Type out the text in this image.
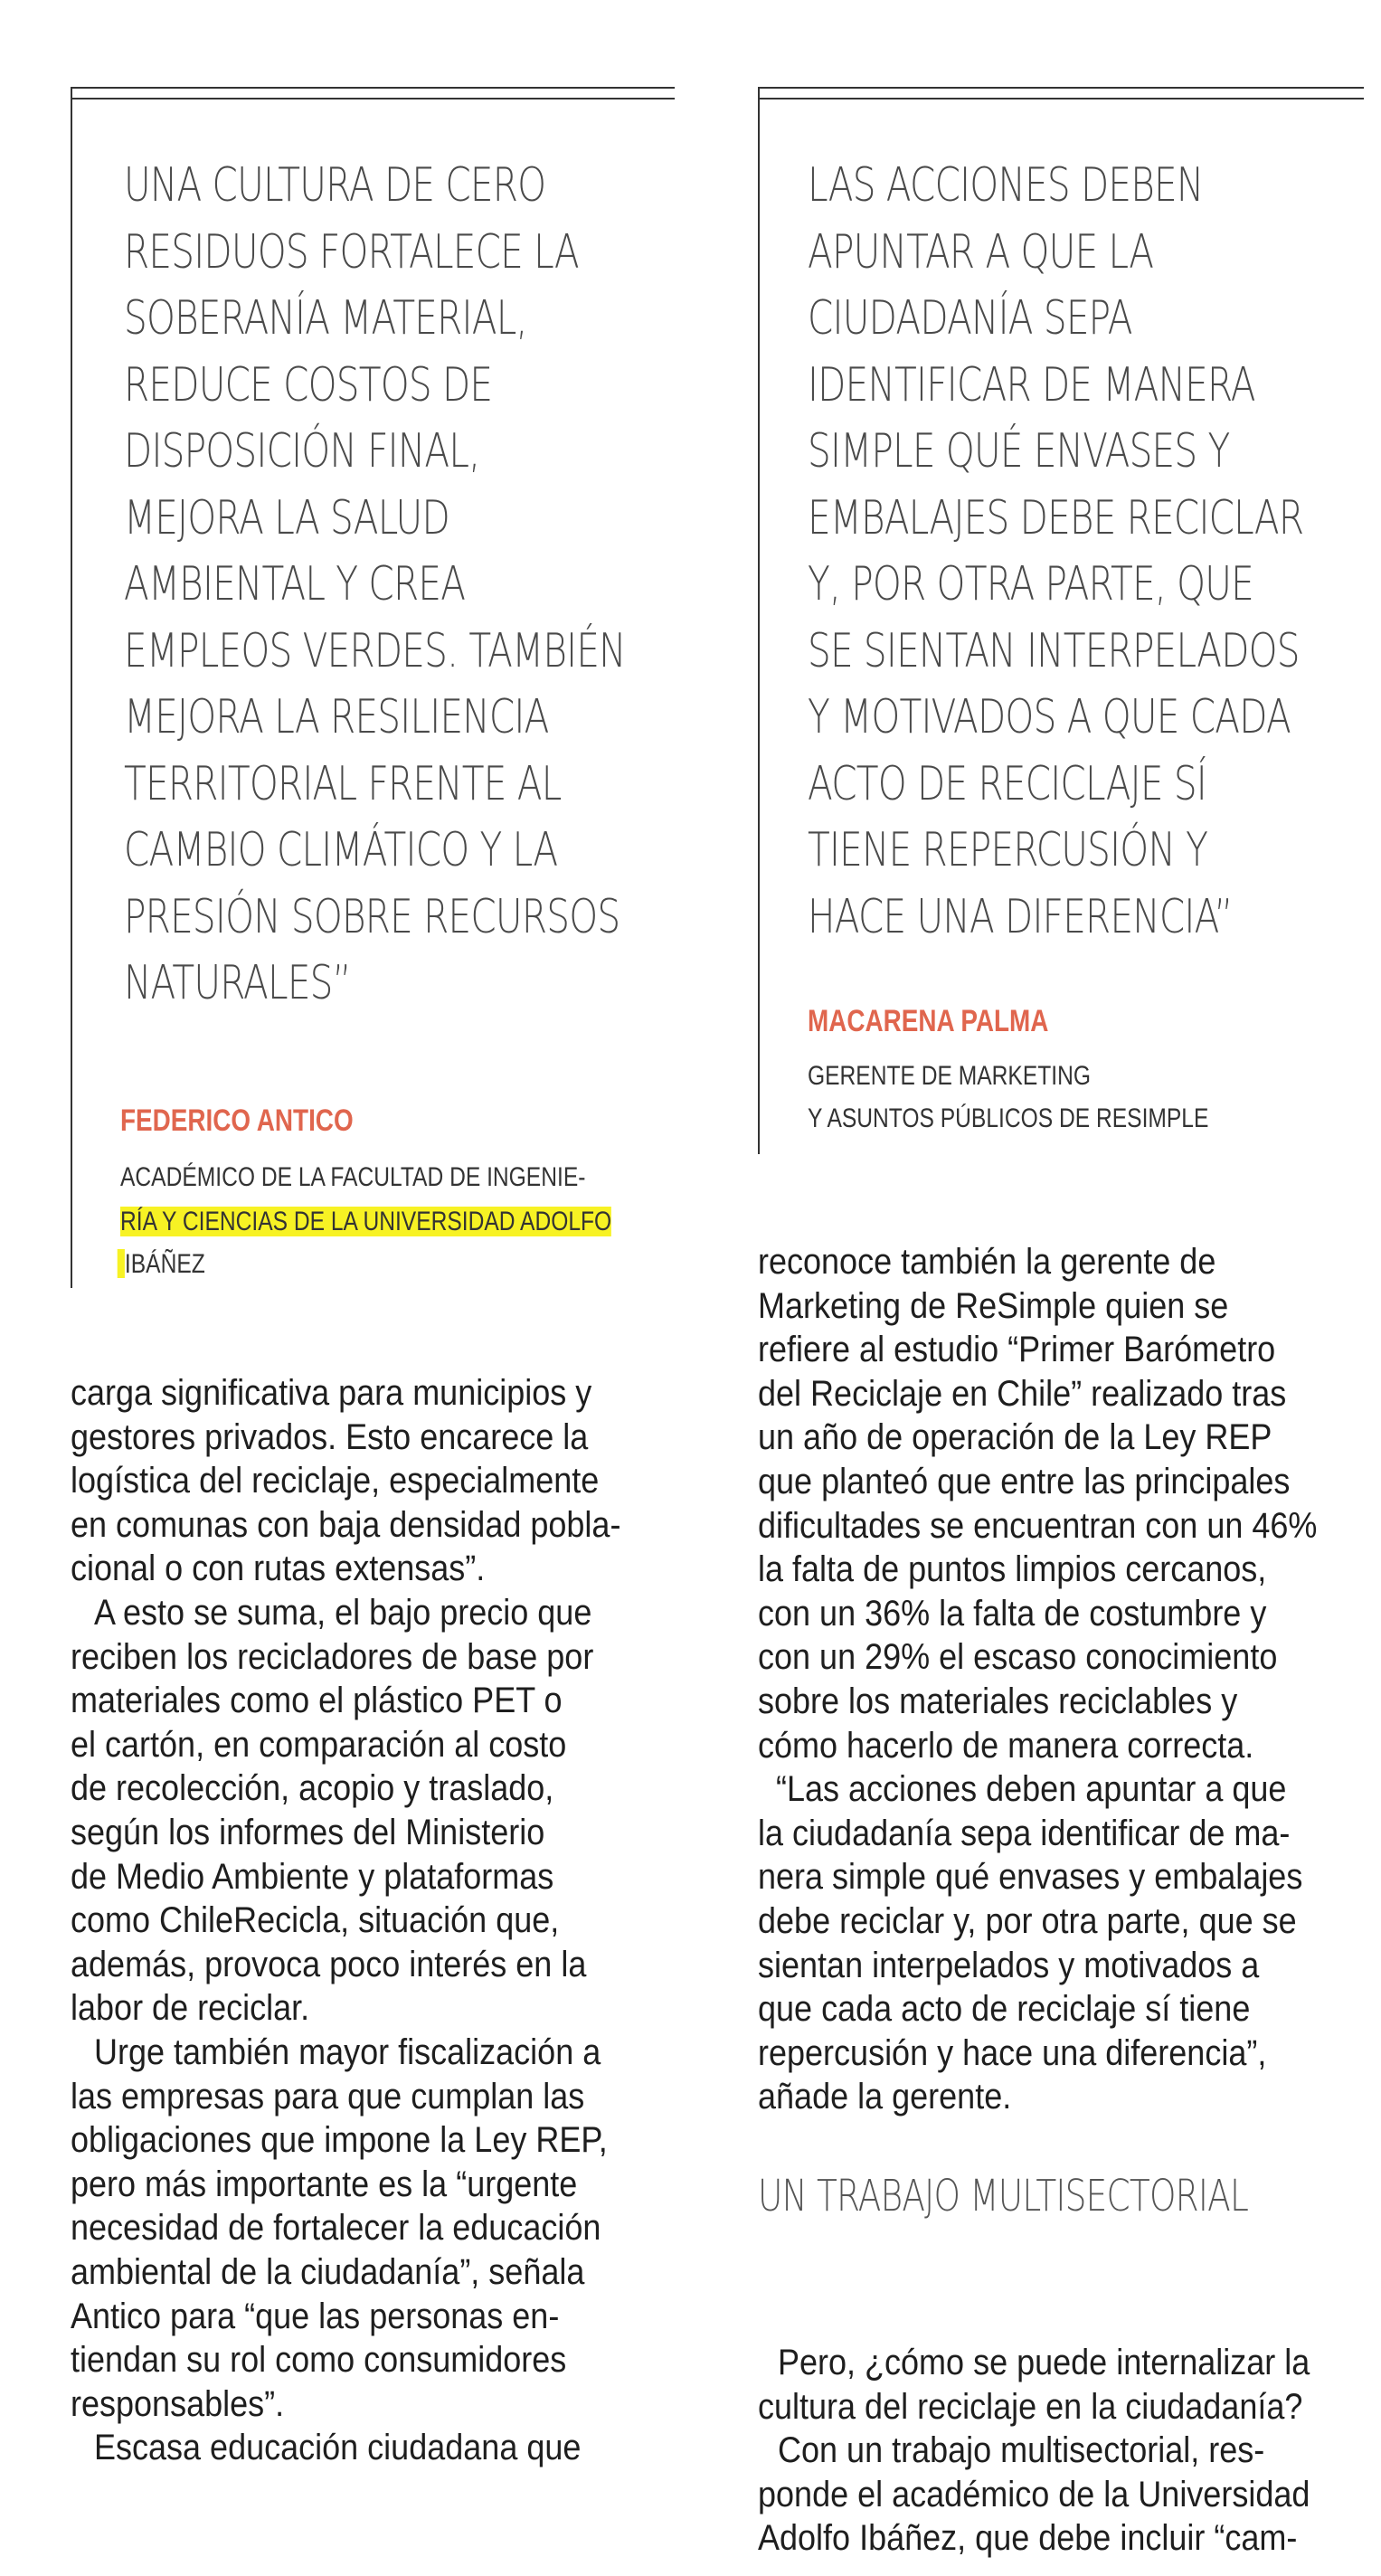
UNA CULTURA DE CERO
RESIDUOS FORTALECE LA
SOBERANÍA MATERIAL,
REDUCE COSTOS DE
DISPOSICIÓN FINAL,
MEJORA LA SALUD
AMBIENTAL Y CREA
EMPLEOS VERDES. TAMBIÉN
MEJORA LA RESILIENCIA
TERRITORIAL FRENTE AL
CAMBIO CLIMÁTICO Y LA
PRESIÓN SOBRE RECURSOS
NATURALES”
FEDERICO ANTICO
ACADÉMICO DE LA FACULTAD DE INGENIE-
RÍA Y CIENCIAS DE LA UNIVERSIDAD ADOLFO
IBÁÑEZ
LAS ACCIONES DEBEN
APUNTAR A QUE LA
CIUDADANÍA SEPA
IDENTIFICAR DE MANERA
SIMPLE QUÉ ENVASES Y
EMBALAJES DEBE RECICLAR
Y, POR OTRA PARTE, QUE
SE SIENTAN INTERPELADOS
Y MOTIVADOS A QUE CADA
ACTO DE RECICLAJE SÍ
TIENE REPERCUSIÓN Y
HACE UNA DIFERENCIA”
MACARENA PALMA
GERENTE DE MARKETING
Y ASUNTOS PÚBLICOS DE RESIMPLE
carga significativa para municipios y
gestores privados. Esto encarece la
logística del reciclaje, especialmente
en comunas con baja densidad pobla-
cional o con rutas extensas”.
A esto se suma, el bajo precio que
reciben los recicladores de base por
materiales como el plástico PET o
el cartón, en comparación al costo
de recolección, acopio y traslado,
según los informes del Ministerio
de Medio Ambiente y plataformas
como ChileRecicla, situación que,
además, provoca poco interés en la
labor de reciclar.
Urge también mayor fiscalización a
las empresas para que cumplan las
obligaciones que impone la Ley REP,
pero más importante es la “urgente
necesidad de fortalecer la educación
ambiental de la ciudadanía”, señala
Antico para “que las personas en-
tiendan su rol como consumidores
responsables”.
Escasa educación ciudadana que
reconoce también la gerente de
Marketing de ReSimple quien se
refiere al estudio “Primer Barómetro
del Reciclaje en Chile” realizado tras
un año de operación de la Ley REP
que planteó que entre las principales
dificultades se encuentran con un 46%
la falta de puntos limpios cercanos,
con un 36% la falta de costumbre y
con un 29% el escaso conocimiento
sobre los materiales reciclables y
cómo hacerlo de manera correcta.
“Las acciones deben apuntar a que
la ciudadanía sepa identificar de ma-
nera simple qué envases y embalajes
debe reciclar y, por otra parte, que se
sientan interpelados y motivados a
que cada acto de reciclaje sí tiene
repercusión y hace una diferencia”,
añade la gerente.
UN TRABAJO MULTISECTORIAL
Pero, ¿cómo se puede internalizar la
cultura del reciclaje en la ciudadanía?
Con un trabajo multisectorial, res-
ponde el académico de la Universidad
Adolfo Ibáñez, que debe incluir “cam-
